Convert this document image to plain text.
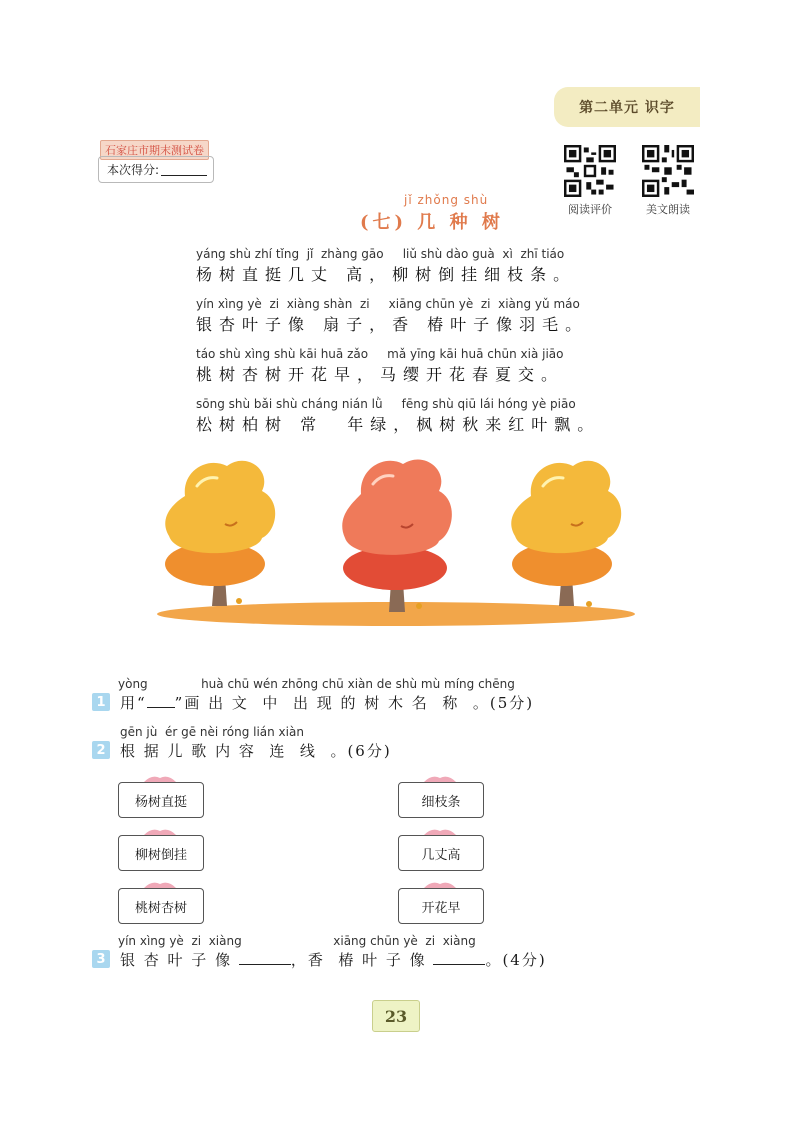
第二单元 识字
石家庄市期末测试卷
本次得分:
阅读评价	美文朗读
jǐ zhǒng shù
(七) 几 种 树
yáng shù zhí tǐng  jǐ  zhàng gāo     liǔ shù dào guà  xì  zhī tiáo
杨树直挺几丈 高，柳树倒挂细枝条。
yín xìng yè  zi  xiàng shàn  zi     xiāng chūn yè  zi  xiàng yǔ máo
银杏叶子像 扇子，香 椿叶子像羽毛。
táo shù xìng shù kāi huā zǎo     mǎ yīng kāi huā chūn xià jiāo
桃树杏树开花早，马缨开花春夏交。
sōng shù bǎi shù cháng nián lǜ     fēng shù qiū lái hóng yè piāo
松树柏树 常  年绿，枫树秋来红叶飘。
yòng              huà chū wén zhōng chū xiàn de shù mù míng chēng
1 用“ ”画 出 文  中  出 现 的 树 木 名  称  。(5分)
gēn jù  ér gē nèi róng lián xiàn
2 根 据 儿 歌 内 容  连  线  。(6分)
杨树直挺
柳树倒挂
桃树杏树
细枝条
几丈高
开花早
yín xìng yè  zi  xiàng                        xiāng chūn yè  zi  xiàng
3 银 杏 叶 子 像	，香  椿 叶 子 像	。(4分)
23
